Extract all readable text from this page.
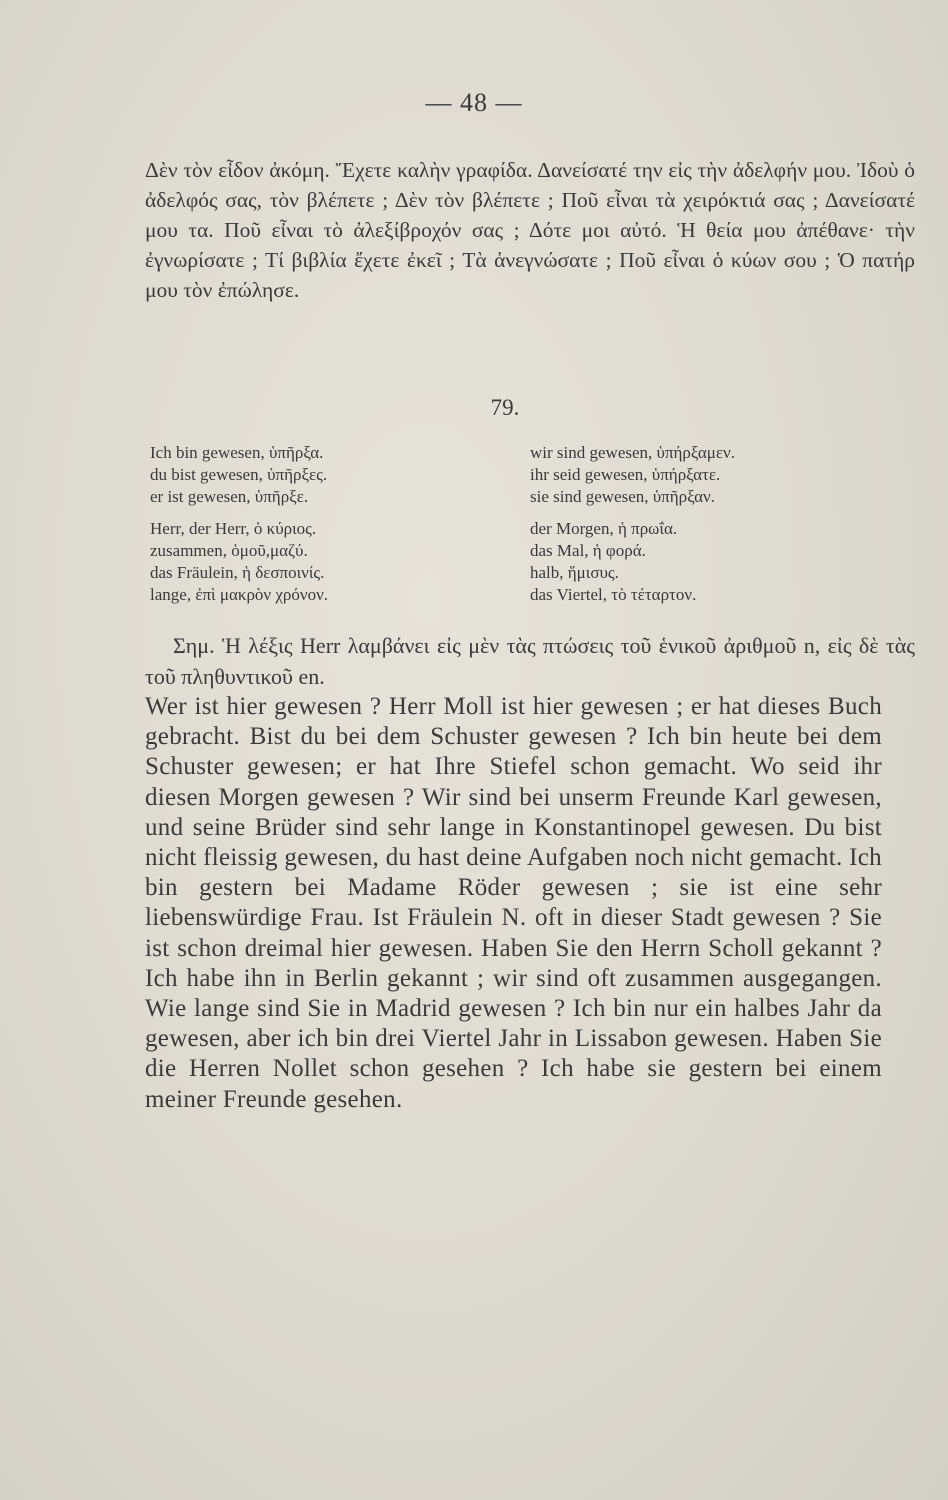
— 48 —

Δὲν τὸν εἶδον ἀκόμη. Ἔχετε καλὴν γραφίδα. Δανείσατέ την εἰς τὴν ἀδελφήν μου. Ἰδοὺ ὁ ἀδελφός σας, τὸν βλέπετε ; Δὲν τὸν βλέπετε ; Ποῦ εἶναι τὰ χειρόκτιά σας ; Δανείσατέ μου τα. Ποῦ εἶναι τὸ ἀλεξίβροχόν σας ; Δότε μοι αὐτό. Ἡ θεία μου ἀπέθανε· τὴν ἐγνωρίσατε ; Τί βιβλία ἔχετε ἐκεῖ ; Τὰ ἀνεγνώσατε ; Ποῦ εἶναι ὁ κύων σου ; Ὁ πατήρ μου τὸν ἐπώλησε.

79.
Ich bin gewesen, ὑπῆρξα.
du bist gewesen, ὑπῆρξες.
er ist gewesen, ὑπῆρξε.
Herr, der Herr, ὁ κύριος.
zusammen, ὁμοῦ,μαζύ.
das Fräulein, ἡ δεσποινίς.
lange, ἐπὶ μακρὸν χρόνον.
wir sind gewesen, ὑπήρξαμεν.
ihr seid gewesen, ὑπήρξατε.
sie sind gewesen, ὑπῆρξαν.
der Morgen, ἡ πρωΐα.
das Mal, ἡ φορά.
halb, ἥμισυς.
das Viertel, τὸ τέταρτον.

Σημ. Ἡ λέξις Herr λαμβάνει εἰς μὲν τὰς πτώσεις τοῦ ἑνικοῦ ἀριθμοῦ n, εἰς δὲ τὰς τοῦ πληθυντικοῦ en.

Wer ist hier gewesen ? Herr Moll ist hier gewesen ; er hat dieses Buch gebracht. Bist du bei dem Schuster gewesen ? Ich bin heute bei dem Schuster gewesen; er hat Ihre Stiefel schon gemacht. Wo seid ihr diesen Morgen gewesen ? Wir sind bei unserm Freunde Karl gewesen, und seine Brüder sind sehr lange in Konstantinopel gewesen. Du bist nicht fleissig gewesen, du hast deine Aufgaben noch nicht gemacht. Ich bin gestern bei Madame Röder gewesen ; sie ist eine sehr liebenswürdige Frau. Ist Fräulein N. oft in dieser Stadt gewesen ? Sie ist schon dreimal hier gewesen. Haben Sie den Herrn Scholl gekannt ? Ich habe ihn in Berlin gekannt ; wir sind oft zusammen ausgegangen. Wie lange sind Sie in Madrid gewesen ? Ich bin nur ein halbes Jahr da gewesen, aber ich bin drei Viertel Jahr in Lissabon gewesen. Haben Sie die Herren Nollet schon gesehen ? Ich habe sie gestern bei einem meiner Freunde gesehen.
